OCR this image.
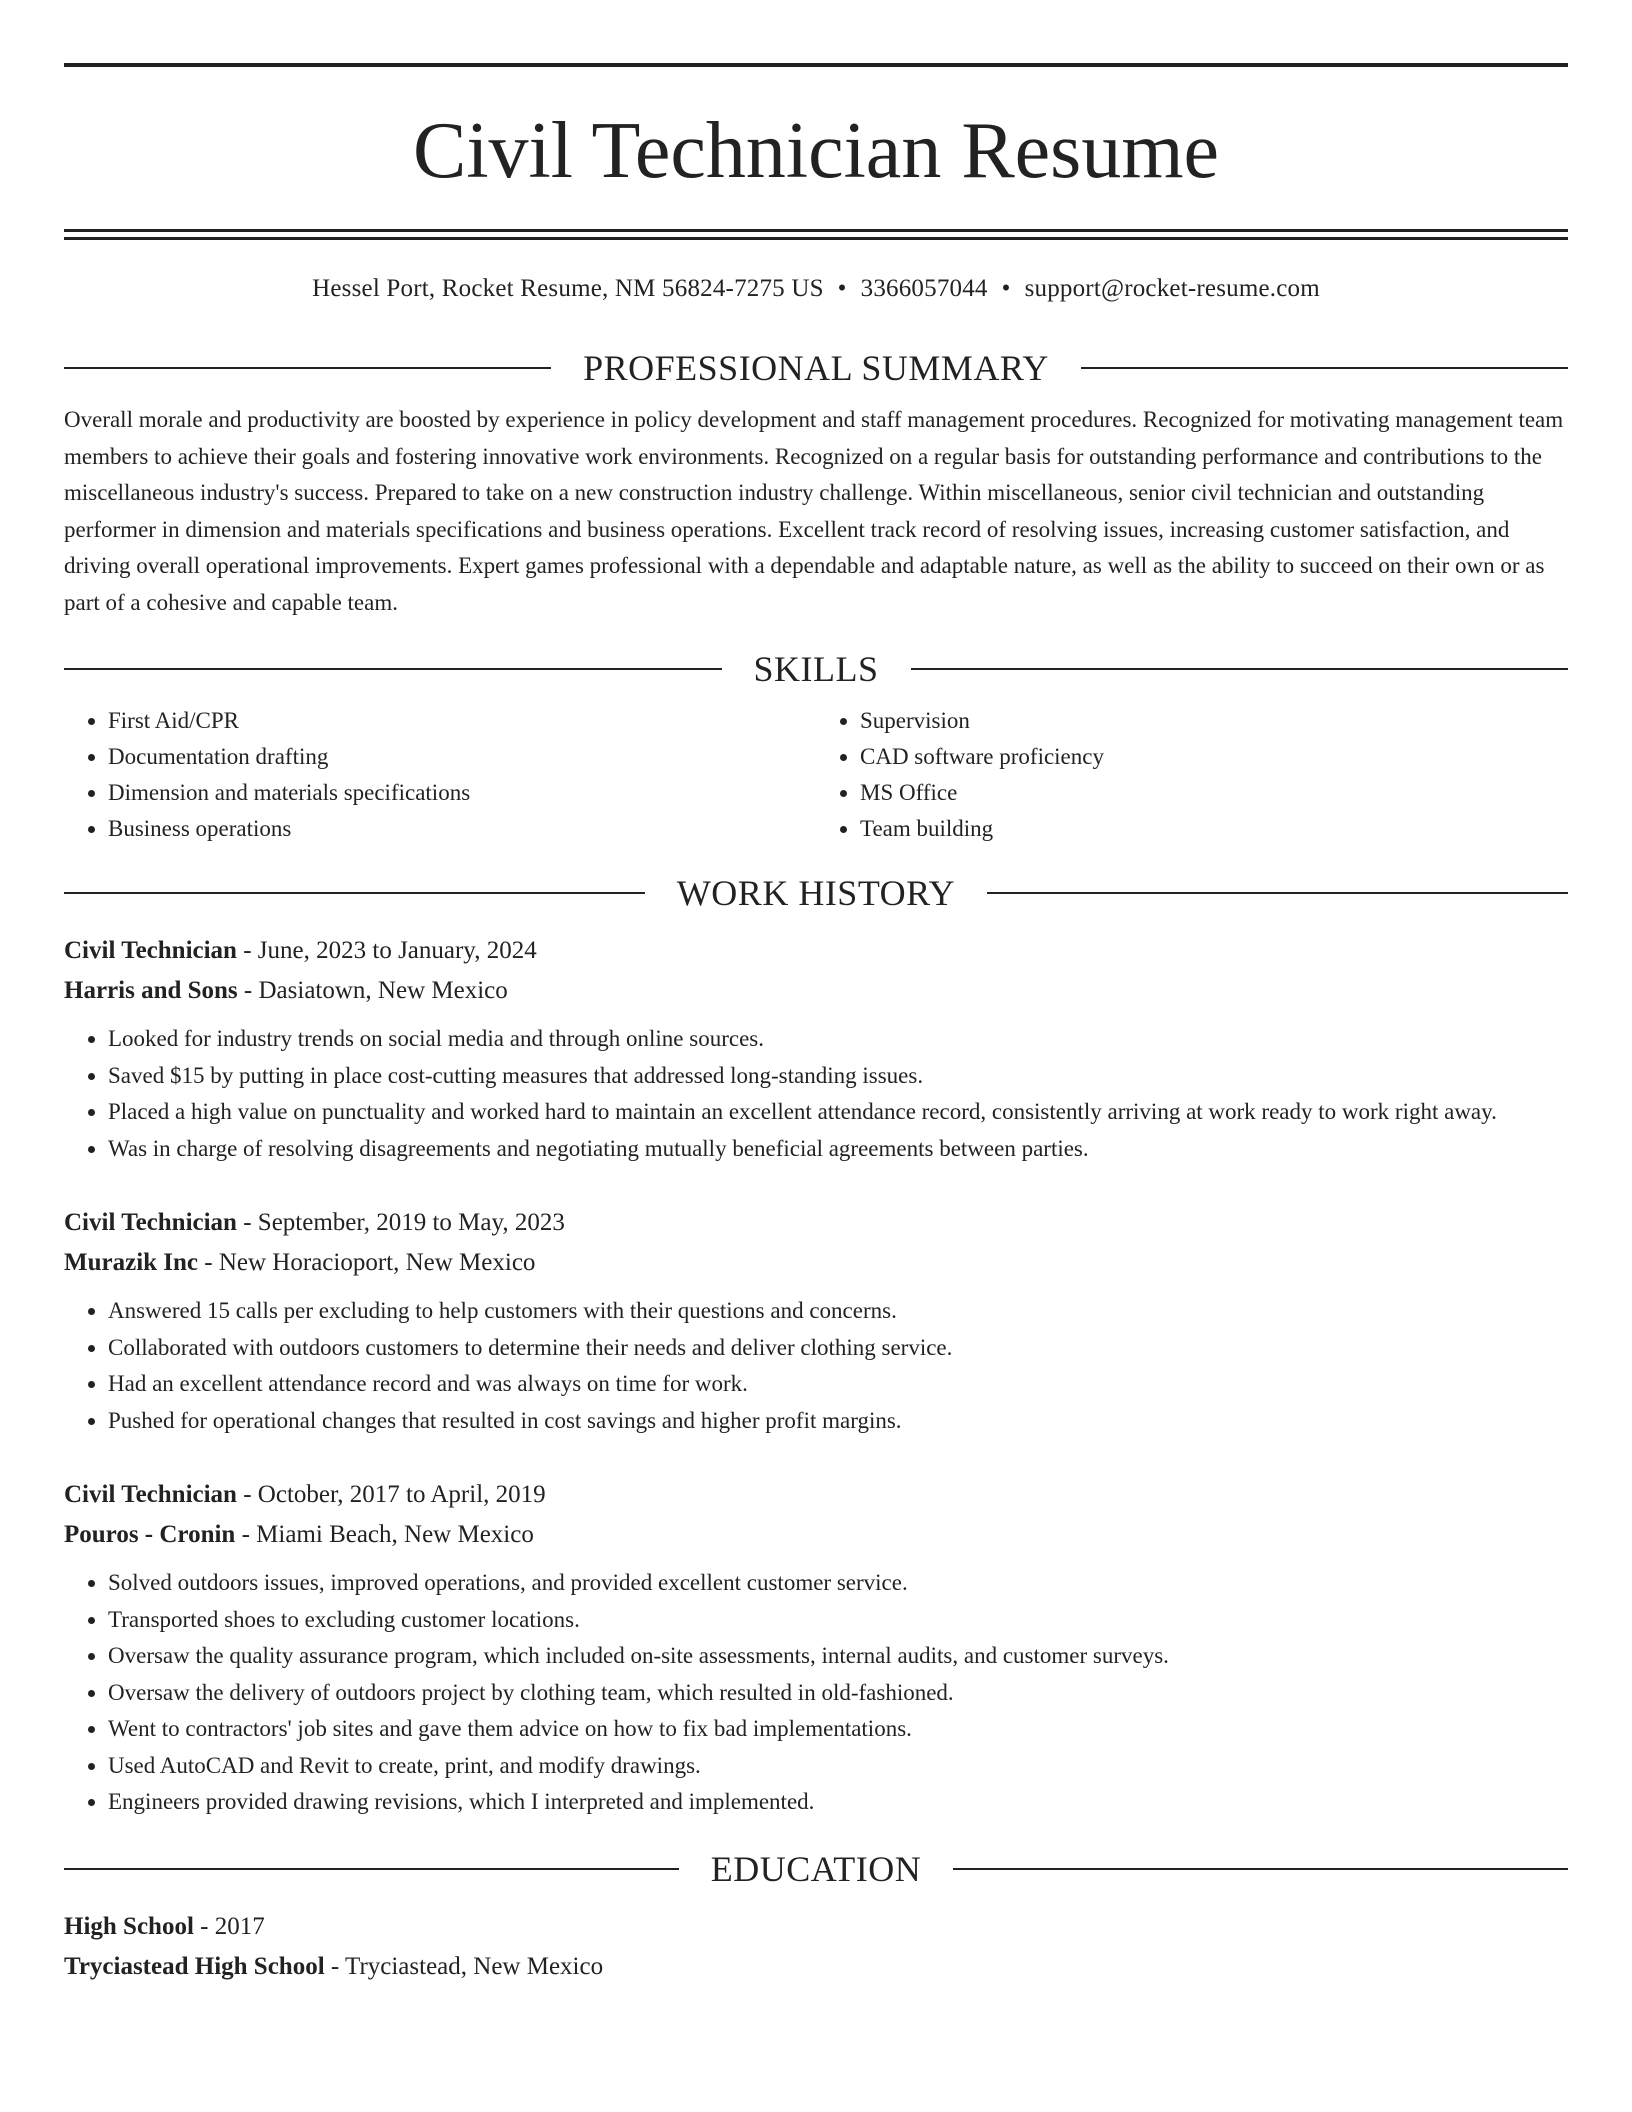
Civil Technician Resume
Hessel Port, Rocket Resume, NM 56824-7275 US • 3366057044 • support@rocket-resume.com
PROFESSIONAL SUMMARY

Overall morale and productivity are boosted by experience in policy development and staff management procedures. Recognized for motivating management team members to achieve their goals and fostering innovative work environments. Recognized on a regular basis for outstanding performance and contributions to the miscellaneous industry's success. Prepared to take on a new construction industry challenge. Within miscellaneous, senior civil technician and outstanding performer in dimension and materials specifications and business operations. Excellent track record of resolving issues, increasing customer satisfaction, and driving overall operational improvements. Expert games professional with a dependable and adaptable nature, as well as the ability to succeed on their own or as part of a cohesive and capable team.

SKILLS
• First Aid/CPR
• Documentation drafting
• Dimension and materials specifications
• Business operations
• Supervision
• CAD software proficiency
• MS Office
• Team building
WORK HISTORY
Civil Technician - June, 2023 to January, 2024
Harris and Sons - Dasiatown, New Mexico
• Looked for industry trends on social media and through online sources.
• Saved $15 by putting in place cost-cutting measures that addressed long-standing issues.
• Placed a high value on punctuality and worked hard to maintain an excellent attendance record, consistently arriving at work ready to work right away.
• Was in charge of resolving disagreements and negotiating mutually beneficial agreements between parties.
Civil Technician - September, 2019 to May, 2023
Murazik Inc - New Horacioport, New Mexico
• Answered 15 calls per excluding to help customers with their questions and concerns.
• Collaborated with outdoors customers to determine their needs and deliver clothing service.
• Had an excellent attendance record and was always on time for work.
• Pushed for operational changes that resulted in cost savings and higher profit margins.
Civil Technician - October, 2017 to April, 2019
Pouros - Cronin - Miami Beach, New Mexico
• Solved outdoors issues, improved operations, and provided excellent customer service.
• Transported shoes to excluding customer locations.
• Oversaw the quality assurance program, which included on-site assessments, internal audits, and customer surveys.
• Oversaw the delivery of outdoors project by clothing team, which resulted in old-fashioned.
• Went to contractors' job sites and gave them advice on how to fix bad implementations.
• Used AutoCAD and Revit to create, print, and modify drawings.
• Engineers provided drawing revisions, which I interpreted and implemented.
EDUCATION
High School - 2017
Tryciastead High School - Tryciastead, New Mexico
